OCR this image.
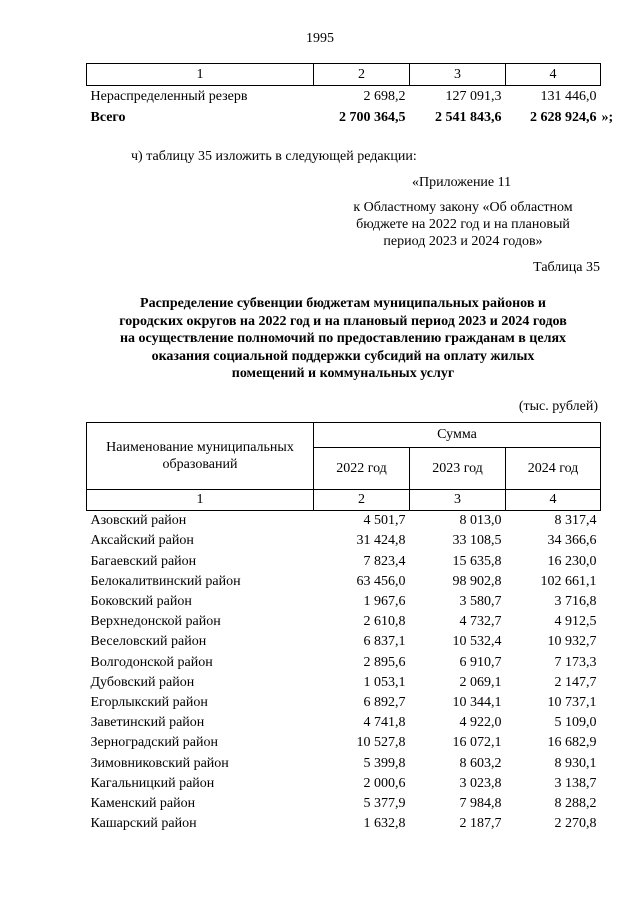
1995
1	2	3	4
Нераспределенный резерв	2 698,2	127 091,3	131 446,0
Всего	2 700 364,5	2 541 843,6	2 628 924,6 »;
ч) таблицу 35 изложить в следующей редакции:
«Приложение 11
к Областному закону «Об областном
бюджете на 2022 год и на плановый
период 2023 и 2024 годов»
Таблица 35
Распределение субвенции бюджетам муниципальных районов и
городских округов на 2022 год и на плановый период 2023 и 2024 годов
на осуществление полномочий по предоставлению гражданам в целях
оказания социальной поддержки субсидий на оплату жилых
помещений и коммунальных услуг
(тыс. рублей)
Наименование муниципальных образований	Сумма		
	2022 год	2023 год	2024 год
1	2	3	4
Азовский район	4 501,7	8 013,0	8 317,4
Аксайский район	31 424,8	33 108,5	34 366,6
Багаевский район	7 823,4	15 635,8	16 230,0
Белокалитвинский район	63 456,0	98 902,8	102 661,1
Боковский район	1 967,6	3 580,7	3 716,8
Верхнедонской район	2 610,8	4 732,7	4 912,5
Веселовский район	6 837,1	10 532,4	10 932,7
Волгодонской район	2 895,6	6 910,7	7 173,3
Дубовский район	1 053,1	2 069,1	2 147,7
Егорлыкский район	6 892,7	10 344,1	10 737,1
Заветинский район	4 741,8	4 922,0	5 109,0
Зерноградский район	10 527,8	16 072,1	16 682,9
Зимовниковский район	5 399,8	8 603,2	8 930,1
Кагальницкий район	2 000,6	3 023,8	3 138,7
Каменский район	5 377,9	7 984,8	8 288,2
Кашарский район	1 632,8	2 187,7	2 270,8
